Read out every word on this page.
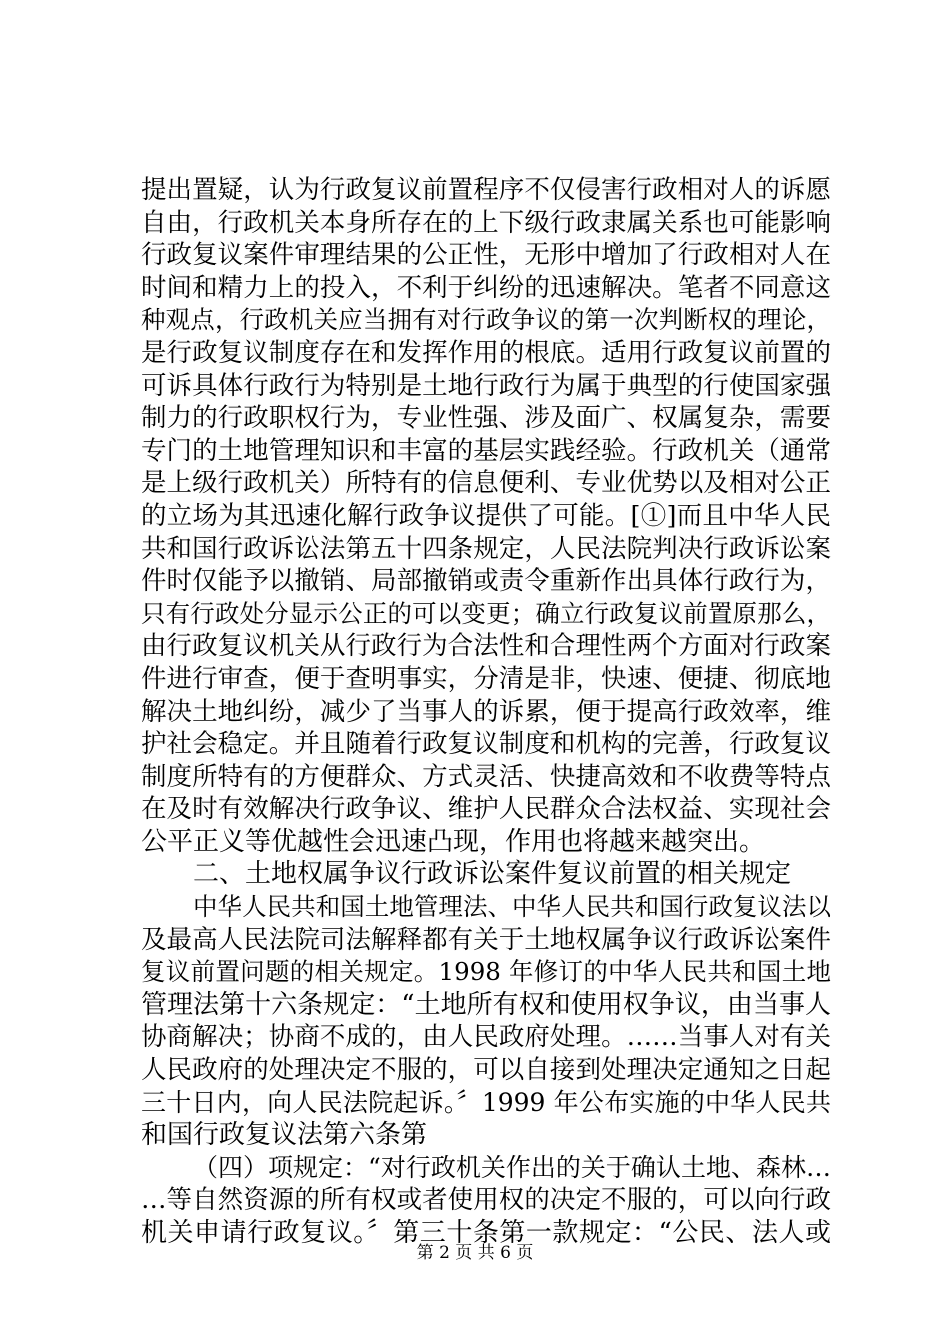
提出置疑，认为行政复议前置程序不仅侵害行政相对人的诉愿
自由，行政机关本身所存在的上下级行政隶属关系也可能影响
行政复议案件审理结果的公正性，无形中增加了行政相对人在
时间和精力上的投入，不利于纠纷的迅速解决。笔者不同意这
种观点，行政机关应当拥有对行政争议的第一次判断权的理论，
是行政复议制度存在和发挥作用的根底。适用行政复议前置的
可诉具体行政行为特别是土地行政行为属于典型的行使国家强
制力的行政职权行为，专业性强、涉及面广、权属复杂，需要
专门的土地管理知识和丰富的基层实践经验。行政机关（通常
是上级行政机关）所特有的信息便利、专业优势以及相对公正
的立场为其迅速化解行政争议提供了可能。[①]而且中华人民
共和国行政诉讼法第五十四条规定，人民法院判决行政诉讼案
件时仅能予以撤销、局部撤销或责令重新作出具体行政行为，
只有行政处分显示公正的可以变更；确立行政复议前置原那么，
由行政复议机关从行政行为合法性和合理性两个方面对行政案
件进行审查，便于查明事实，分清是非，快速、便捷、彻底地
解决土地纠纷，减少了当事人的诉累，便于提高行政效率，维
护社会稳定。并且随着行政复议制度和机构的完善，行政复议
制度所特有的方便群众、方式灵活、快捷高效和不收费等特点
在及时有效解决行政争议、维护人民群众合法权益、实现社会
公平正义等优越性会迅速凸现，作用也将越来越突出。
二、土地权属争议行政诉讼案件复议前置的相关规定
中华人民共和国土地管理法、中华人民共和国行政复议法以
及最高人民法院司法解释都有关于土地权属争议行政诉讼案件
复议前置问题的相关规定。1998 年修订的中华人民共和国土地
管理法第十六条规定：“土地所有权和使用权争议，由当事人
协商解决；协商不成的，由人民政府处理。……当事人对有关
人民政府的处理决定不服的，可以自接到处理决定通知之日起
三十日内，向人民法院起诉。〞1999 年公布实施的中华人民共
和国行政复议法第六条第
（四）项规定：“对行政机关作出的关于确认土地、森林…
…等自然资源的所有权或者使用权的决定不服的，可以向行政
机关申请行政复议。〞第三十条第一款规定：“公民、法人或
第 2 页 共 6 页
